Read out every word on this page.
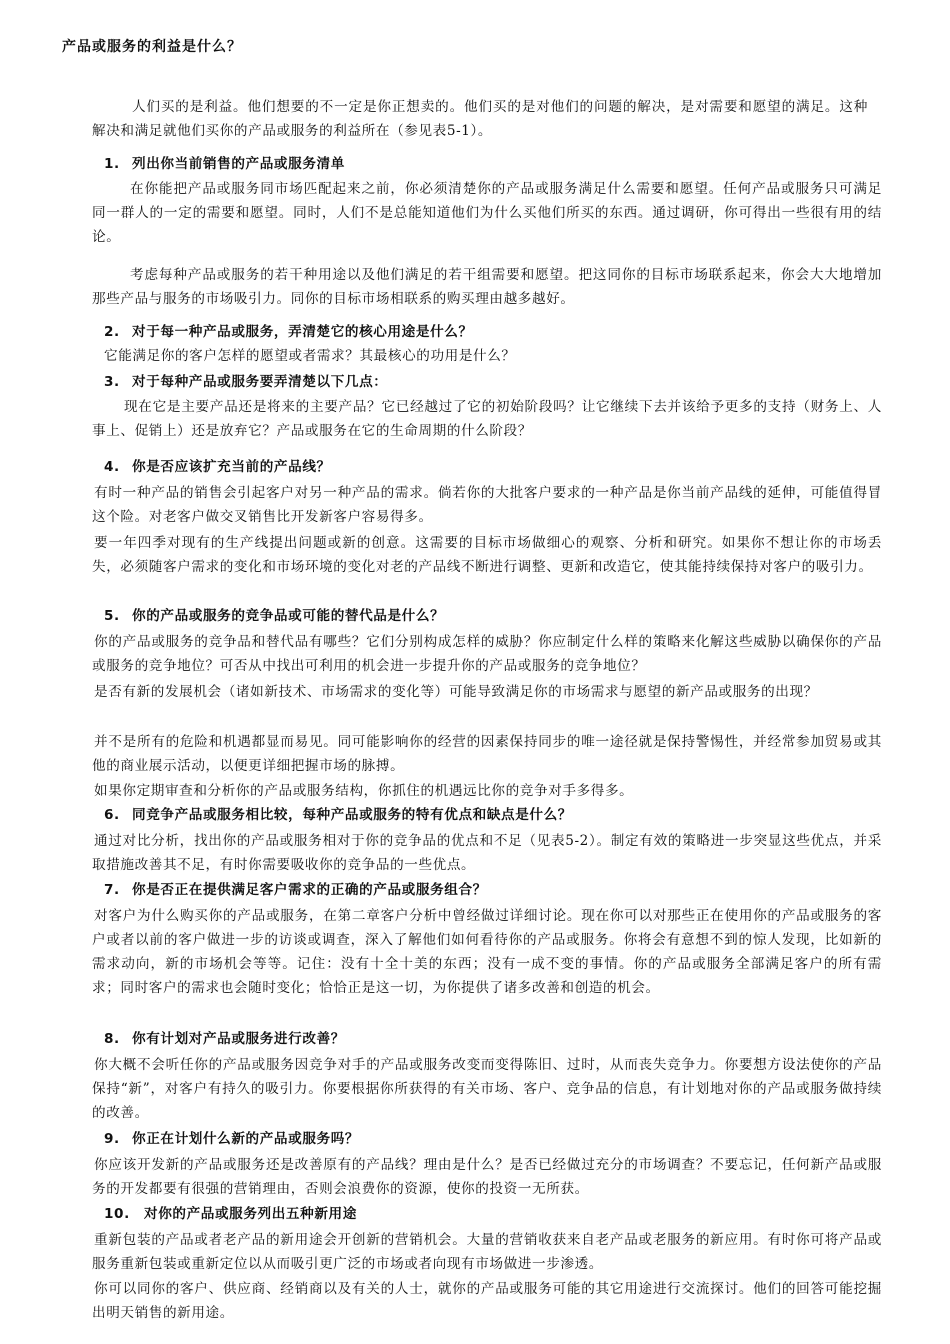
产品或服务的利益是什么？

人们买的是利益。他们想要的不一定是你正想卖的。他们买的是对他们的问题的解决，是对需要和愿望的满足。这种解决和满足就他们买你的产品或服务的利益所在（参见表5-1）。

1. 列出你当前销售的产品或服务清单

在你能把产品或服务同市场匹配起来之前，你必须清楚你的产品或服务满足什么需要和愿望。任何产品或服务只可满足同一群人的一定的需要和愿望。同时，人们不是总能知道他们为什么买他们所买的东西。通过调研，你可得出一些很有用的结论。

考虑每种产品或服务的若干种用途以及他们满足的若干组需要和愿望。把这同你的目标市场联系起来，你会大大地增加那些产品与服务的市场吸引力。同你的目标市场相联系的购买理由越多越好。

2. 对于每一种产品或服务，弄清楚它的核心用途是什么？

它能满足你的客户怎样的愿望或者需求？其最核心的功用是什么？

3. 对于每种产品或服务要弄清楚以下几点：

现在它是主要产品还是将来的主要产品？它已经越过了它的初始阶段吗？让它继续下去并该给予更多的支持（财务上、人事上、促销上）还是放弃它？产品或服务在它的生命周期的什么阶段？

4. 你是否应该扩充当前的产品线？

有时一种产品的销售会引起客户对另一种产品的需求。倘若你的大批客户要求的一种产品是你当前产品线的延伸，可能值得冒这个险。对老客户做交叉销售比开发新客户容易得多。

要一年四季对现有的生产线提出问题或新的创意。这需要的目标市场做细心的观察、分析和研究。如果你不想让你的市场丢失，必须随客户需求的变化和市场环境的变化对老的产品线不断进行调整、更新和改造它，使其能持续保持对客户的吸引力。

5. 你的产品或服务的竞争品或可能的替代品是什么？

你的产品或服务的竞争品和替代品有哪些？它们分别构成怎样的威胁？你应制定什么样的策略来化解这些威胁以确保你的产品或服务的竞争地位？可否从中找出可利用的机会进一步提升你的产品或服务的竞争地位？

是否有新的发展机会（诸如新技术、市场需求的变化等）可能导致满足你的市场需求与愿望的新产品或服务的出现？

并不是所有的危险和机遇都显而易见。同可能影响你的经营的因素保持同步的唯一途径就是保持警惕性，并经常参加贸易或其他的商业展示活动，以便更详细把握市场的脉搏。

如果你定期审查和分析你的产品或服务结构，你抓住的机遇远比你的竞争对手多得多。

6. 同竞争产品或服务相比较，每种产品或服务的特有优点和缺点是什么？

通过对比分析，找出你的产品或服务相对于你的竞争品的优点和不足（见表5-2）。制定有效的策略进一步突显这些优点，并采取措施改善其不足，有时你需要吸收你的竞争品的一些优点。

7. 你是否正在提供满足客户需求的正确的产品或服务组合？

对客户为什么购买你的产品或服务，在第二章客户分析中曾经做过详细讨论。现在你可以对那些正在使用你的产品或服务的客户或者以前的客户做进一步的访谈或调查，深入了解他们如何看待你的产品或服务。你将会有意想不到的惊人发现，比如新的需求动向，新的市场机会等等。记住：没有十全十美的东西；没有一成不变的事情。你的产品或服务全部满足客户的所有需求；同时客户的需求也会随时变化；恰恰正是这一切，为你提供了诸多改善和创造的机会。

8. 你有计划对产品或服务进行改善？

你大概不会听任你的产品或服务因竞争对手的产品或服务改变而变得陈旧、过时，从而丧失竞争力。你要想方设法使你的产品保持“新”，对客户有持久的吸引力。你要根据你所获得的有关市场、客户、竞争品的信息，有计划地对你的产品或服务做持续的改善。

9. 你正在计划什么新的产品或服务吗？

你应该开发新的产品或服务还是改善原有的产品线？理由是什么？是否已经做过充分的市场调查？不要忘记，任何新产品或服务的开发都要有很强的营销理由，否则会浪费你的资源，使你的投资一无所获。

10. 对你的产品或服务列出五种新用途

重新包装的产品或者老产品的新用途会开创新的营销机会。大量的营销收获来自老产品或老服务的新应用。有时你可将产品或服务重新包装或重新定位以从而吸引更广泛的市场或者向现有市场做进一步渗透。

你可以同你的客户、供应商、经销商以及有关的人士，就你的产品或服务可能的其它用途进行交流探讨。他们的回答可能挖掘出明天销售的新用途。
